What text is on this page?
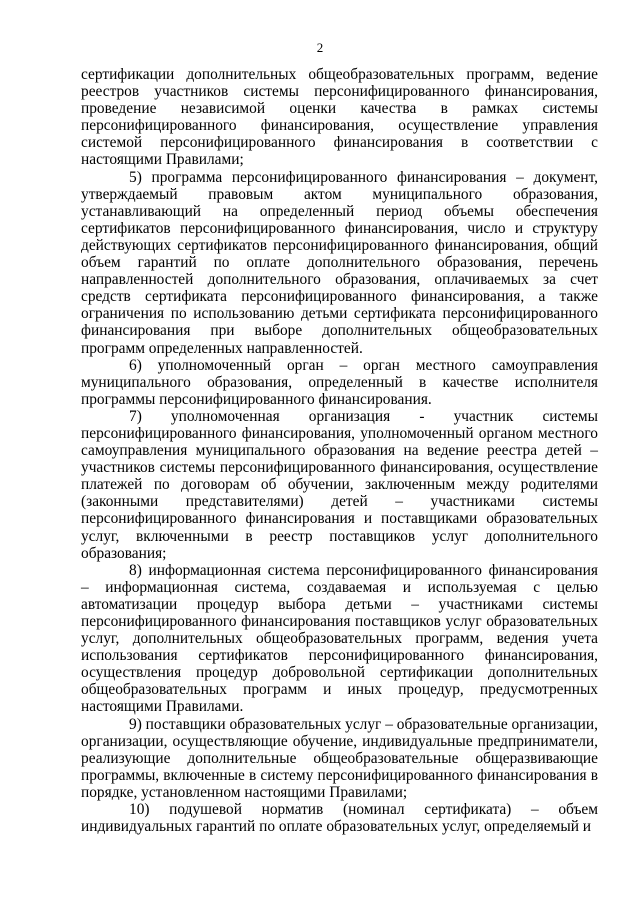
2

сертификации дополнительных общеобразовательных программ, ведение реестров участников системы персонифицированного финансирования, проведение независимой оценки качества в рамках системы персонифицированного финансирования, осуществление управления системой персонифицированного финансирования в соответствии с настоящими Правилами;

5) программа персонифицированного финансирования – документ, утверждаемый правовым актом муниципального образования, устанавливающий на определенный период объемы обеспечения сертификатов персонифицированного финансирования, число и структуру действующих сертификатов персонифицированного финансирования, общий объем гарантий по оплате дополнительного образования, перечень направленностей дополнительного образования, оплачиваемых за счет средств сертификата персонифицированного финансирования, а также ограничения по использованию детьми сертификата персонифицированного финансирования при выборе дополнительных общеобразовательных программ определенных направленностей.

6) уполномоченный орган – орган местного самоуправления муниципального образования, определенный в качестве исполнителя программы персонифицированного финансирования.

7) уполномоченная организация - участник системы персонифицированного финансирования, уполномоченный органом местного самоуправления муниципального образования на ведение реестра детей – участников системы персонифицированного финансирования, осуществление платежей по договорам об обучении, заключенным между родителями (законными представителями) детей – участниками системы персонифицированного финансирования и поставщиками образовательных услуг, включенными в реестр поставщиков услуг дополнительного образования;

8) информационная система персонифицированного финансирования – информационная система, создаваемая и используемая с целью автоматизации процедур выбора детьми – участниками системы персонифицированного финансирования поставщиков услуг образовательных услуг, дополнительных общеобразовательных программ, ведения учета использования сертификатов персонифицированного финансирования, осуществления процедур добровольной сертификации дополнительных общеобразовательных программ и иных процедур, предусмотренных настоящими Правилами.

9) поставщики образовательных услуг – образовательные организации, организации, осуществляющие обучение, индивидуальные предприниматели, реализующие дополнительные общеобразовательные общеразвивающие программы, включенные в систему персонифицированного финансирования в порядке, установленном настоящими Правилами;

10) подушевой норматив (номинал сертификата) – объем индивидуальных гарантий по оплате образовательных услуг, определяемый и
